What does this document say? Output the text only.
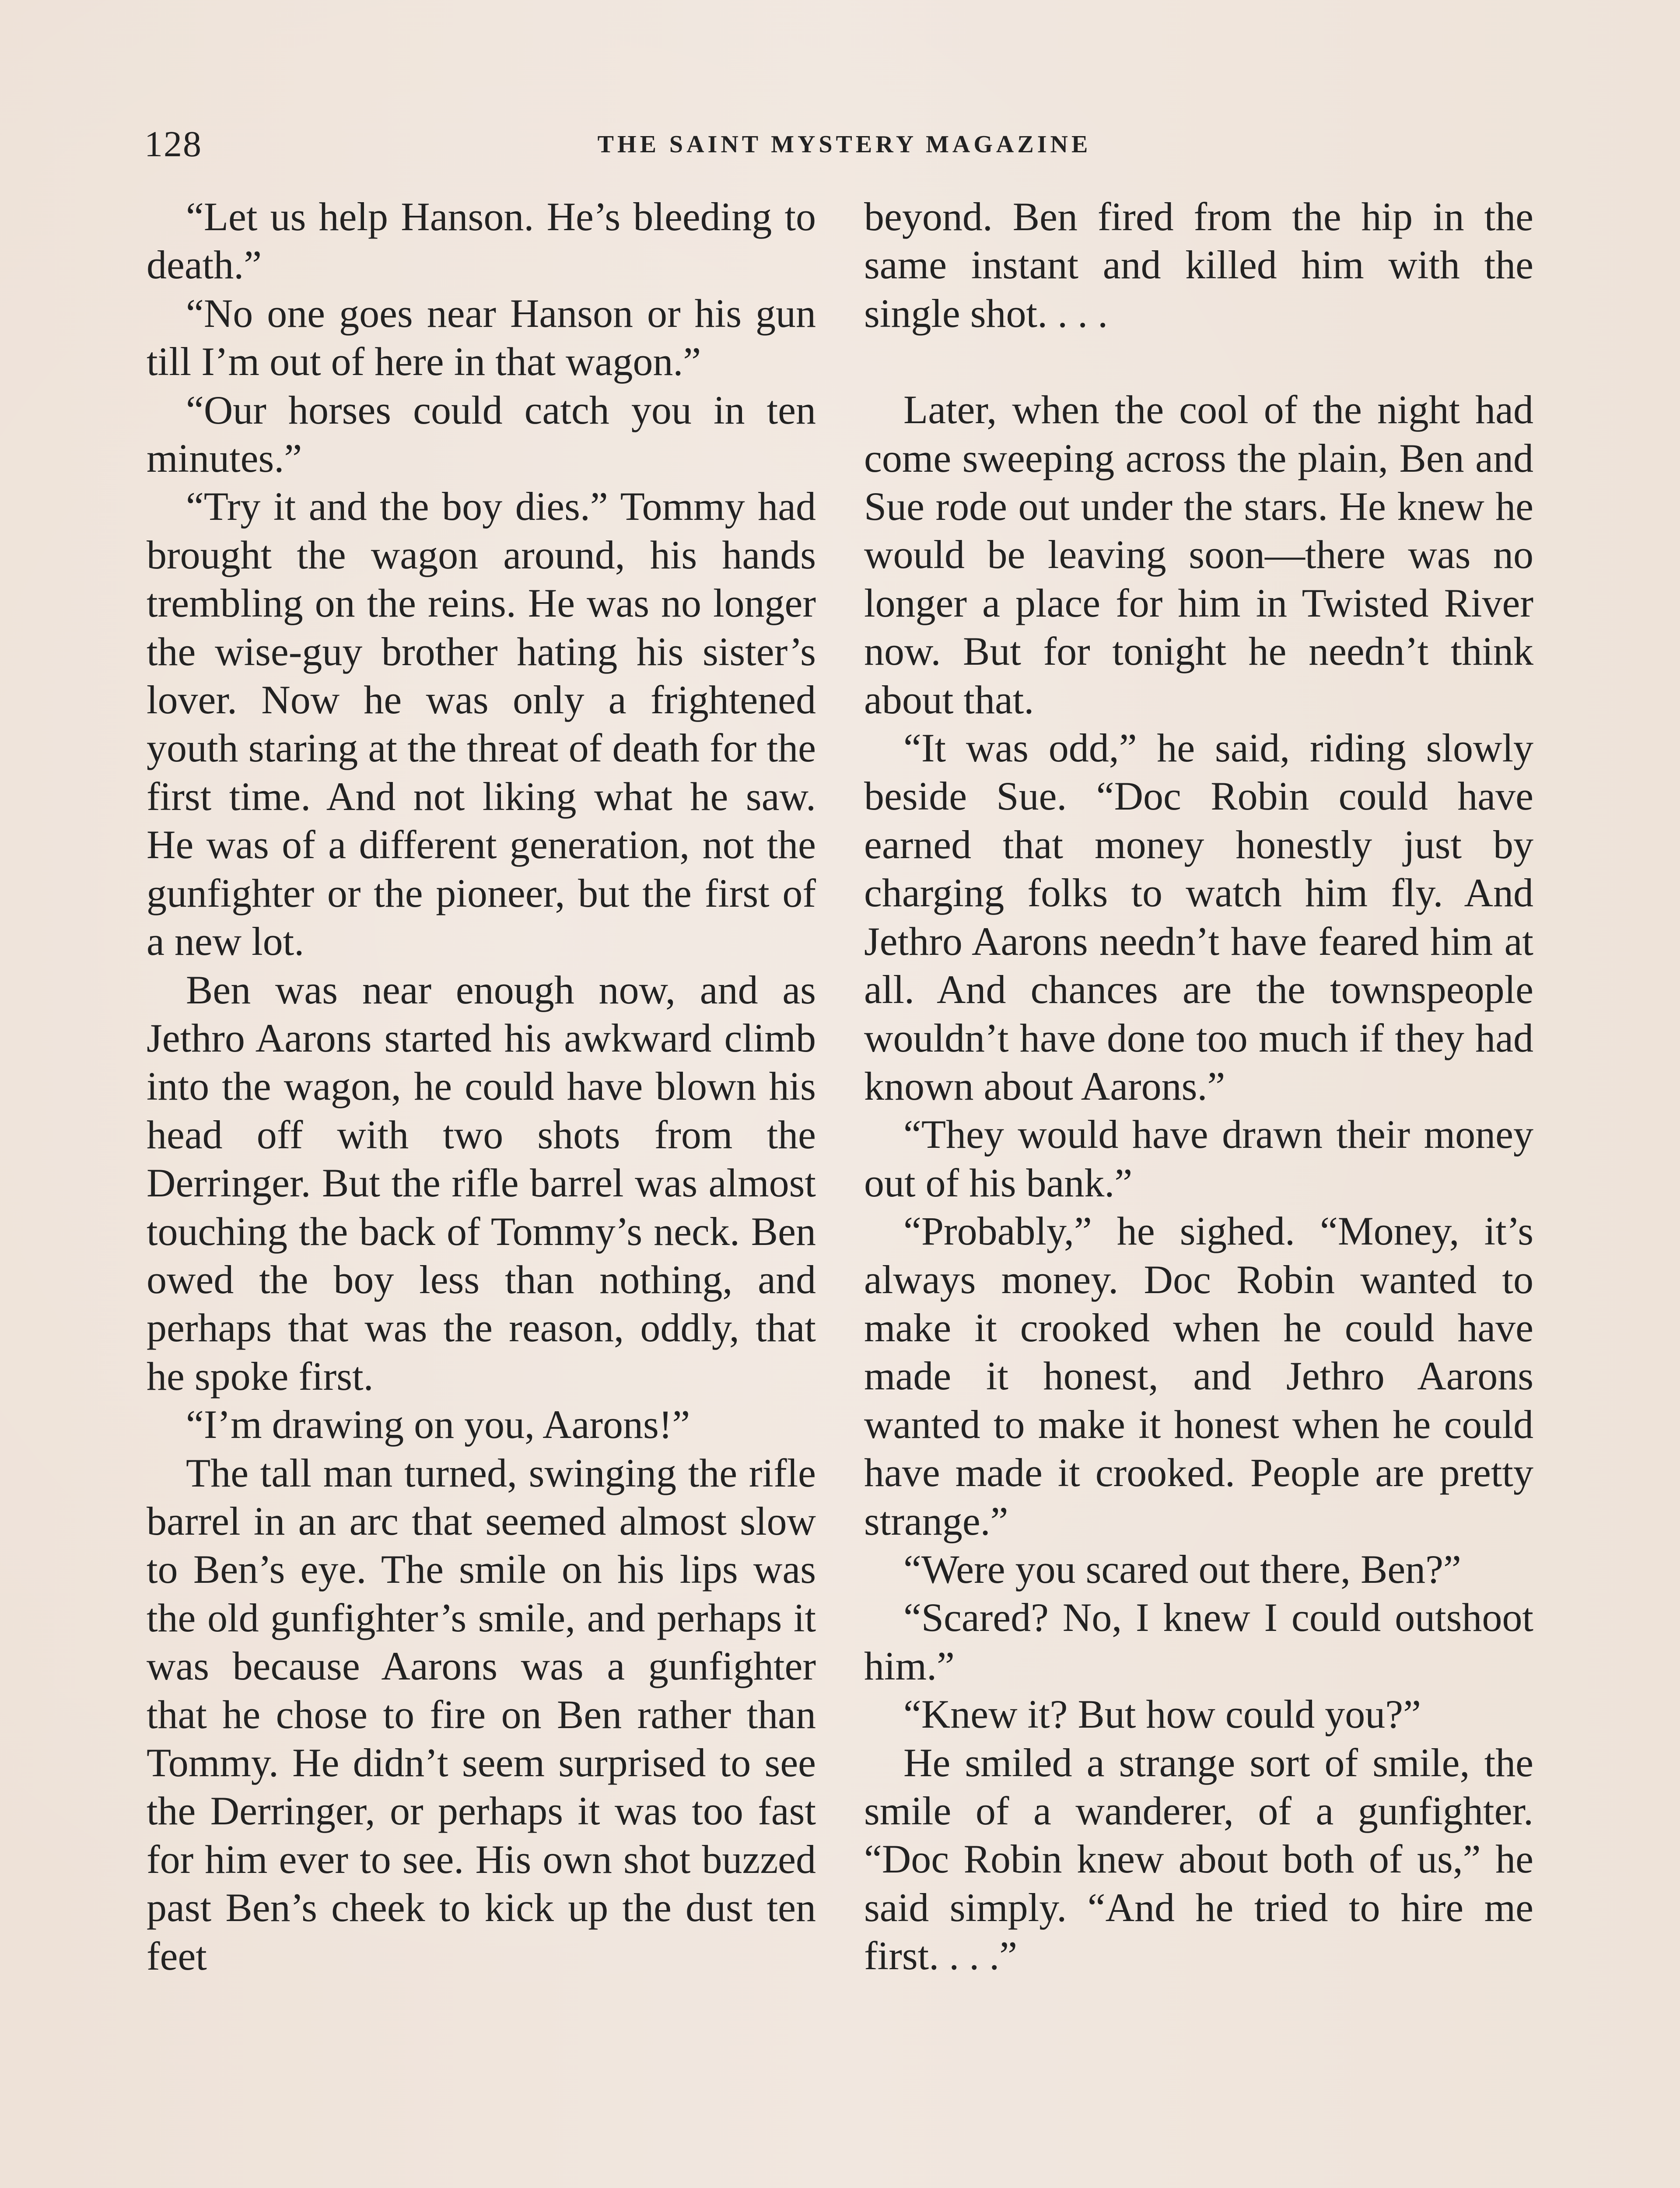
128	THE SAINT MYSTERY MAGAZINE

“Let us help Hanson. He’s bleeding to death.”

“No one goes near Hanson or his gun till I’m out of here in that wagon.”

“Our horses could catch you in ten minutes.”

“Try it and the boy dies.” Tommy had brought the wagon around, his hands trembling on the reins. He was no longer the wise-guy brother hating his sister’s lover. Now he was only a frightened youth staring at the threat of death for the first time. And not liking what he saw. He was of a different generation, not the gunfighter or the pioneer, but the first of a new lot.

Ben was near enough now, and as Jethro Aarons started his awkward climb into the wagon, he could have blown his head off with two shots from the Derringer. But the rifle barrel was almost touching the back of Tommy’s neck. Ben owed the boy less than nothing, and perhaps that was the reason, oddly, that he spoke first.

“I’m drawing on you, Aarons!”

The tall man turned, swinging the rifle barrel in an arc that seemed almost slow to Ben’s eye. The smile on his lips was the old gunfighter’s smile, and perhaps it was because Aarons was a gunfighter that he chose to fire on Ben rather than Tommy. He didn’t seem surprised to see the Derringer, or perhaps it was too fast for him ever to see. His own shot buzzed past Ben’s cheek to kick up the dust ten feet

beyond. Ben fired from the hip in the same instant and killed him with the single shot. . . .

Later, when the cool of the night had come sweeping across the plain, Ben and Sue rode out under the stars. He knew he would be leaving soon—there was no longer a place for him in Twisted River now. But for tonight he needn’t think about that.

“It was odd,” he said, riding slowly beside Sue. “Doc Robin could have earned that money honestly just by charging folks to watch him fly. And Jethro Aarons needn’t have feared him at all. And chances are the townspeople wouldn’t have done too much if they had known about Aarons.”

“They would have drawn their money out of his bank.”

“Probably,” he sighed. “Money, it’s always money. Doc Robin wanted to make it crooked when he could have made it honest, and Jethro Aarons wanted to make it honest when he could have made it crooked. People are pretty strange.”

“Were you scared out there, Ben?”

“Scared? No, I knew I could outshoot him.”

“Knew it? But how could you?”

He smiled a strange sort of smile, the smile of a wanderer, of a gunfighter. “Doc Robin knew about both of us,” he said simply. “And he tried to hire me first. . . .”
